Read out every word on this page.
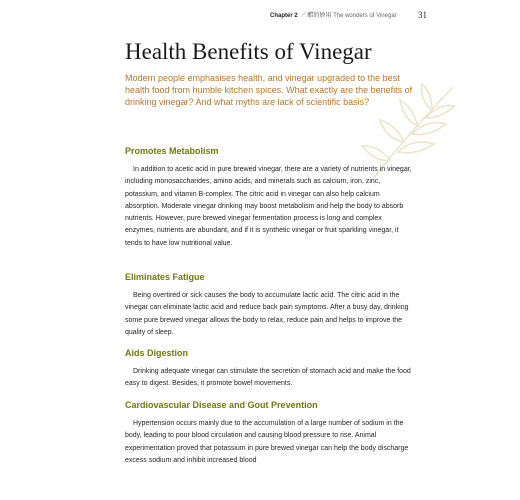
Chapter 2 ／醋的妙用 The wonders of Vinegar	31
Health Benefits of Vinegar

Modern people emphasises health, and vinegar upgraded to the best health food from humble kitchen spices. What exactly are the benefits of drinking vinegar? And what myths are lack of scientific basis?

Promotes Metabolism

In addition to acetic acid in pure brewed vinegar, there are a variety of nutrients in vinegar, including monosaccharides, amino acids, and minerals such as calcium, iron, zinc, potassium, and vitamin B-complex. The citric acid in vinegar can also help calcium absorption. Moderate vinegar drinking may boost metabolism and help the body to absorb nutrients. However, pure brewed vinegar fermentation process is long and complex enzymes, nutrients are abundant, and if it is synthetic vinegar or fruit sparkling vinegar, it tends to have low nutritional value.

Eliminates Fatigue

Being overtired or sick causes the body to accumulate lactic acid. The citric acid in the vinegar can eliminate lactic acid and reduce back pain symptoms. After a busy day, drinking some pure brewed vinegar allows the body to relax, reduce pain and helps to improve the quality of sleep.

Aids Digestion

Drinking adequate vinegar can stimulate the secretion of stomach acid and make the food easy to digest. Besides, it promote bowel movements.

Cardiovascular Disease and Gout Prevention

Hypertension occurs mainly due to the accumulation of a large number of sodium in the body, leading to pour blood circulation and causing blood pressure to rise. Animal experimentation proved that potassium in pure brewed vinegar can help the body discharge excess sodium and inhibit increased blood
